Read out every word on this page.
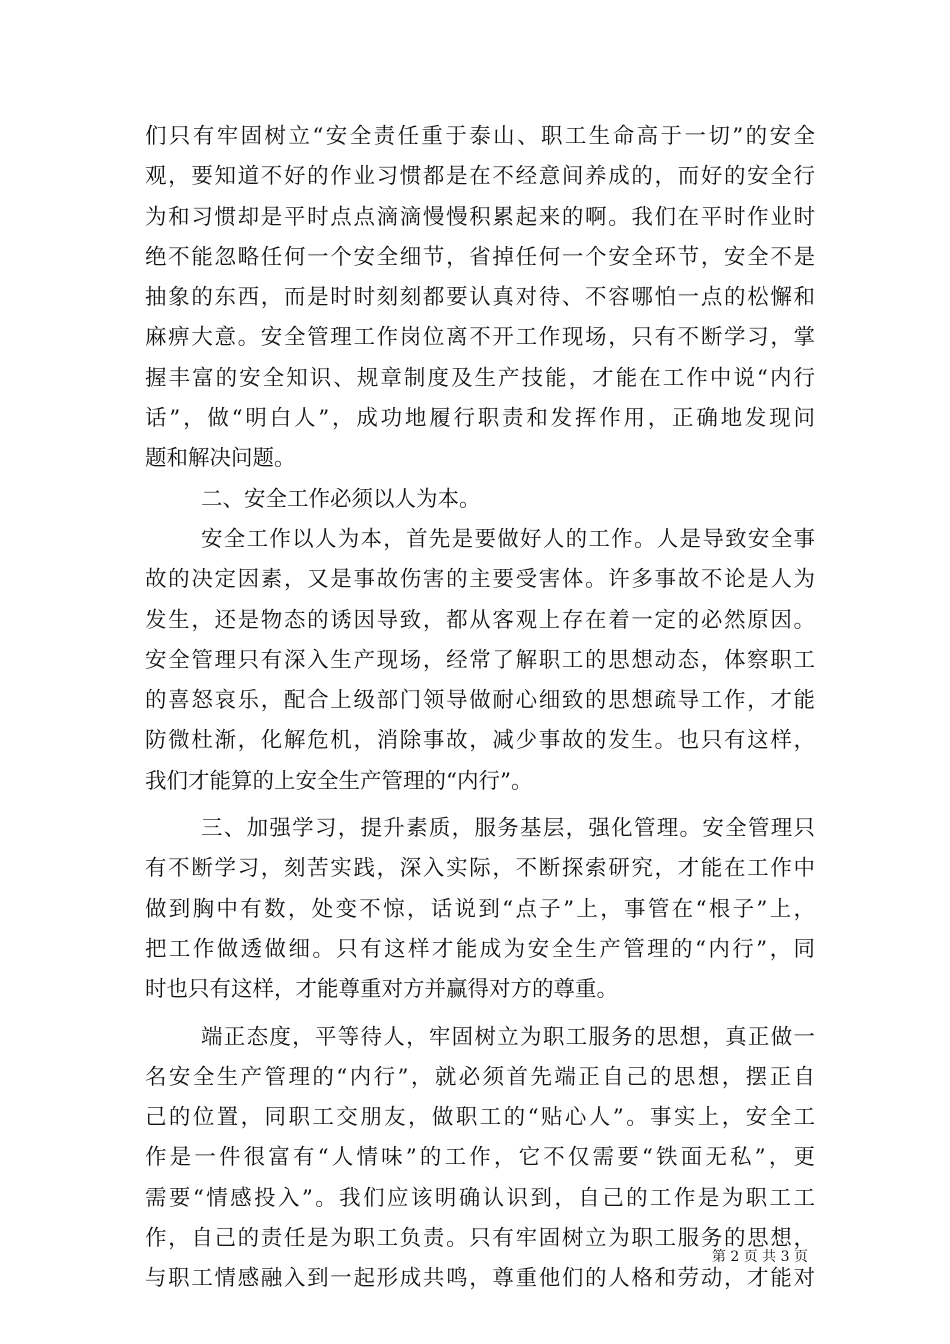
们只有牢固树立“安全责任重于泰山、职工生命高于一切”的安全
观，要知道不好的作业习惯都是在不经意间养成的，而好的安全行
为和习惯却是平时点点滴滴慢慢积累起来的啊。我们在平时作业时
绝不能忽略任何一个安全细节，省掉任何一个安全环节，安全不是
抽象的东西，而是时时刻刻都要认真对待、不容哪怕一点的松懈和
麻痹大意。安全管理工作岗位离不开工作现场，只有不断学习，掌
握丰富的安全知识、规章制度及生产技能，才能在工作中说“内行
话”，做“明白人”，成功地履行职责和发挥作用，正确地发现问
题和解决问题。
二、安全工作必须以人为本。
安全工作以人为本，首先是要做好人的工作。人是导致安全事
故的决定因素，又是事故伤害的主要受害体。许多事故不论是人为
发生，还是物态的诱因导致，都从客观上存在着一定的必然原因。
安全管理只有深入生产现场，经常了解职工的思想动态，体察职工
的喜怒哀乐，配合上级部门领导做耐心细致的思想疏导工作，才能
防微杜渐，化解危机，消除事故，减少事故的发生。也只有这样，
我们才能算的上安全生产管理的“内行”。
三、加强学习，提升素质，服务基层，强化管理。安全管理只
有不断学习，刻苦实践，深入实际，不断探索研究，才能在工作中
做到胸中有数，处变不惊，话说到“点子”上，事管在“根子”上，
把工作做透做细。只有这样才能成为安全生产管理的“内行”，同
时也只有这样，才能尊重对方并赢得对方的尊重。
端正态度，平等待人，牢固树立为职工服务的思想，真正做一
名安全生产管理的“内行”，就必须首先端正自己的思想，摆正自
己的位置，同职工交朋友，做职工的“贴心人”。事实上，安全工
作是一件很富有“人情味”的工作，它不仅需要“铁面无私”，更
需要“情感投入”。我们应该明确认识到，自己的工作是为职工工
作，自己的责任是为职工负责。只有牢固树立为职工服务的思想，
与职工情感融入到一起形成共鸣，尊重他们的人格和劳动，才能对
第 2 页 共 3 页
